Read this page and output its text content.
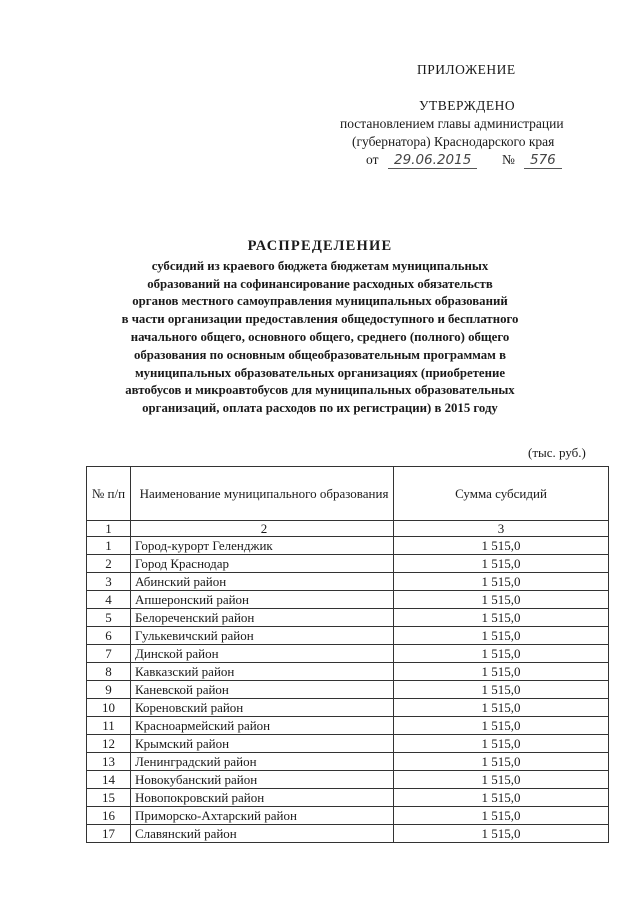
ПРИЛОЖЕНИЕ
УТВЕРЖДЕНО
постановлением главы администрации
(губернатора) Краснодарского края
от	29.06.2015	№	576
РАСПРЕДЕЛЕНИЕ
субсидий из краевого бюджета бюджетам муниципальных
образований на софинансирование расходных обязательств
органов местного самоуправления муниципальных образований
в части организации предоставления общедоступного и бесплатного
начального общего, основного общего, среднего (полного) общего
образования по основным общеобразовательным программам в
муниципальных образовательных организациях (приобретение
автобусов и микроавтобусов для муниципальных образовательных
организаций, оплата расходов по их регистрации) в 2015 году
(тыс. руб.)
№ п/п	Наименование муниципального образования	Сумма субсидий
1	2	3
1	Город-курорт Геленджик	1 515,0
2	Город Краснодар	1 515,0
3	Абинский район	1 515,0
4	Апшеронский район	1 515,0
5	Белореченский район	1 515,0
6	Гулькевичский район	1 515,0
7	Динской район	1 515,0
8	Кавказский район	1 515,0
9	Каневской район	1 515,0
10	Кореновский район	1 515,0
11	Красноармейский район	1 515,0
12	Крымский район	1 515,0
13	Ленинградский район	1 515,0
14	Новокубанский район	1 515,0
15	Новопокровский район	1 515,0
16	Приморско-Ахтарский район	1 515,0
17	Славянский район	1 515,0
